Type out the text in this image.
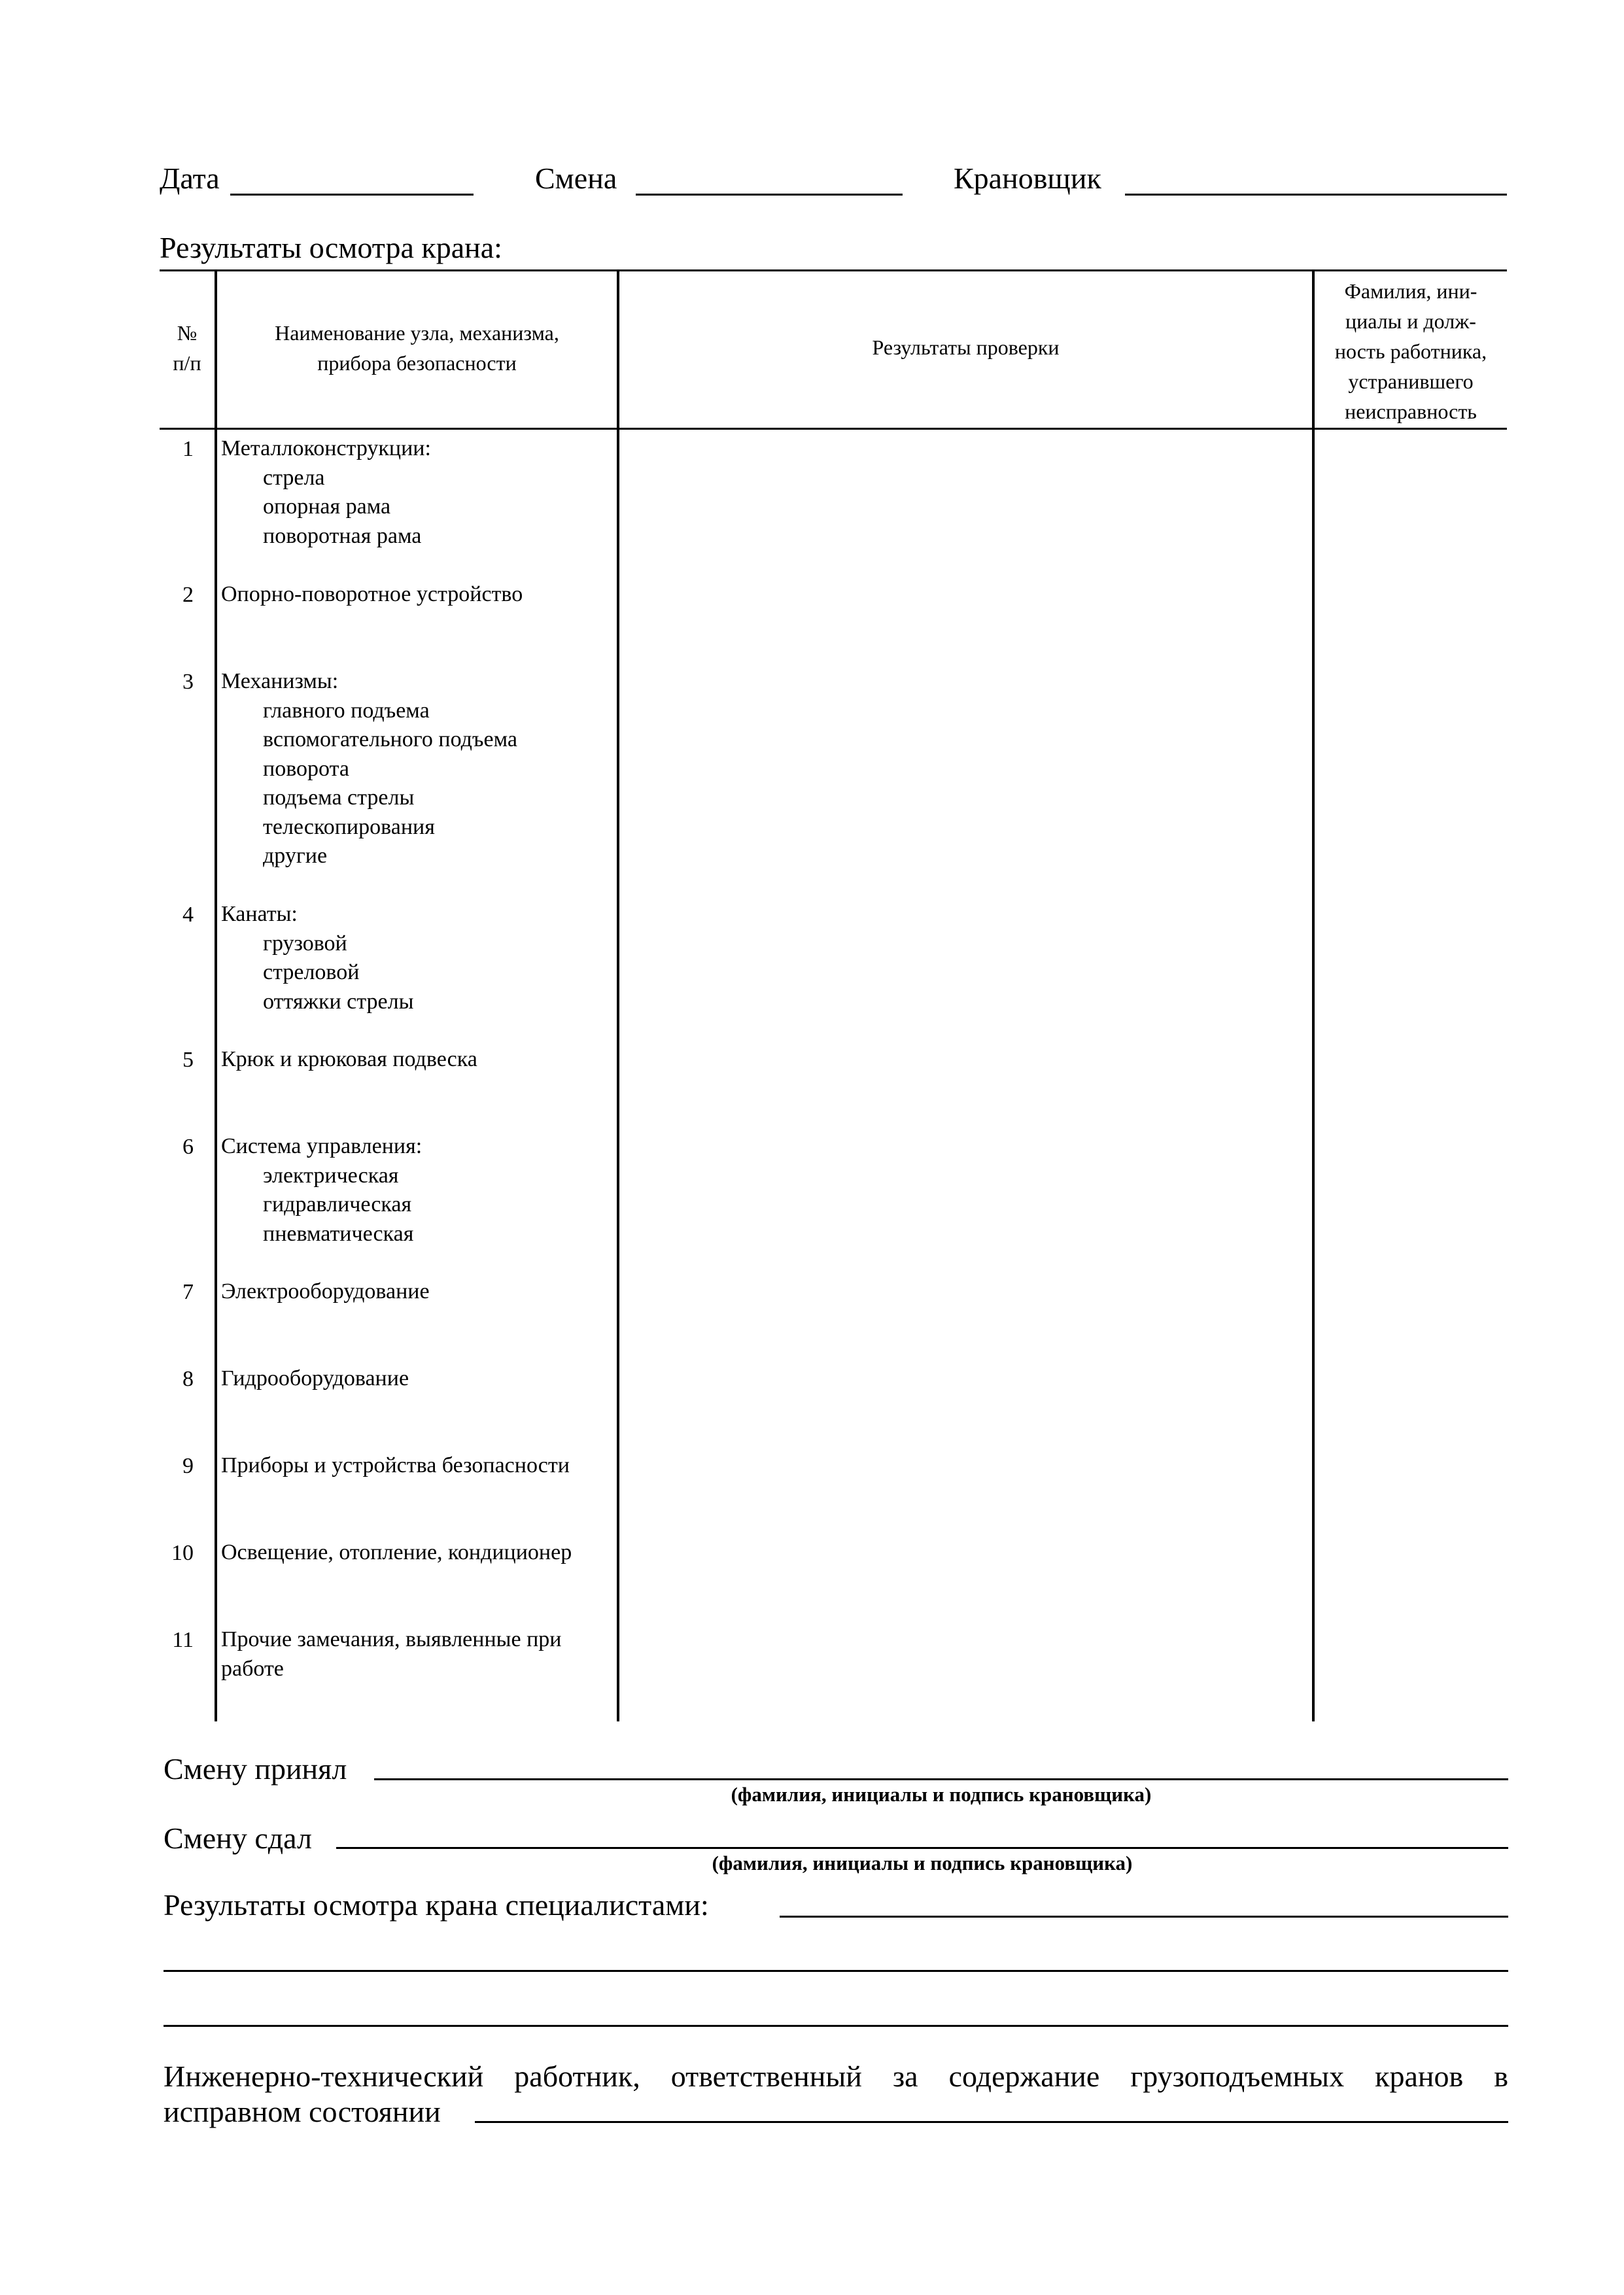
Дата	Смена	Крановщик
Результаты осмотра крана:
№
п/п
Наименование узла, механизма,
прибора безопасности
Результаты проверки
Фамилия, ини-
циалы и долж-
ность работника,
устранившего
неисправность
1 Металлоконструкции:
стрела
опорная рама
поворотная рама
2 Опорно-поворотное устройство
3 Механизмы:
главного подъема
вспомогательного подъема
поворота
подъема стрелы
телескопирования
другие
4 Канаты:
грузовой
стреловой
оттяжки стрелы
5 Крюк и крюковая подвеска
6 Система управления:
электрическая
гидравлическая
пневматическая
7 Электрооборудование
8 Гидрооборудование
9 Приборы и устройства безопасности
10 Освещение, отопление, кондиционер
11 Прочие замечания, выявленные при
работе
Смену принял
(фамилия, инициалы и подпись крановщика)
Смену сдал
(фамилия, инициалы и подпись крановщика)
Результаты осмотра крана специалистами:
Инженерно-технический работник, ответственный за содержание грузоподъемных кранов в
исправном состоянии
